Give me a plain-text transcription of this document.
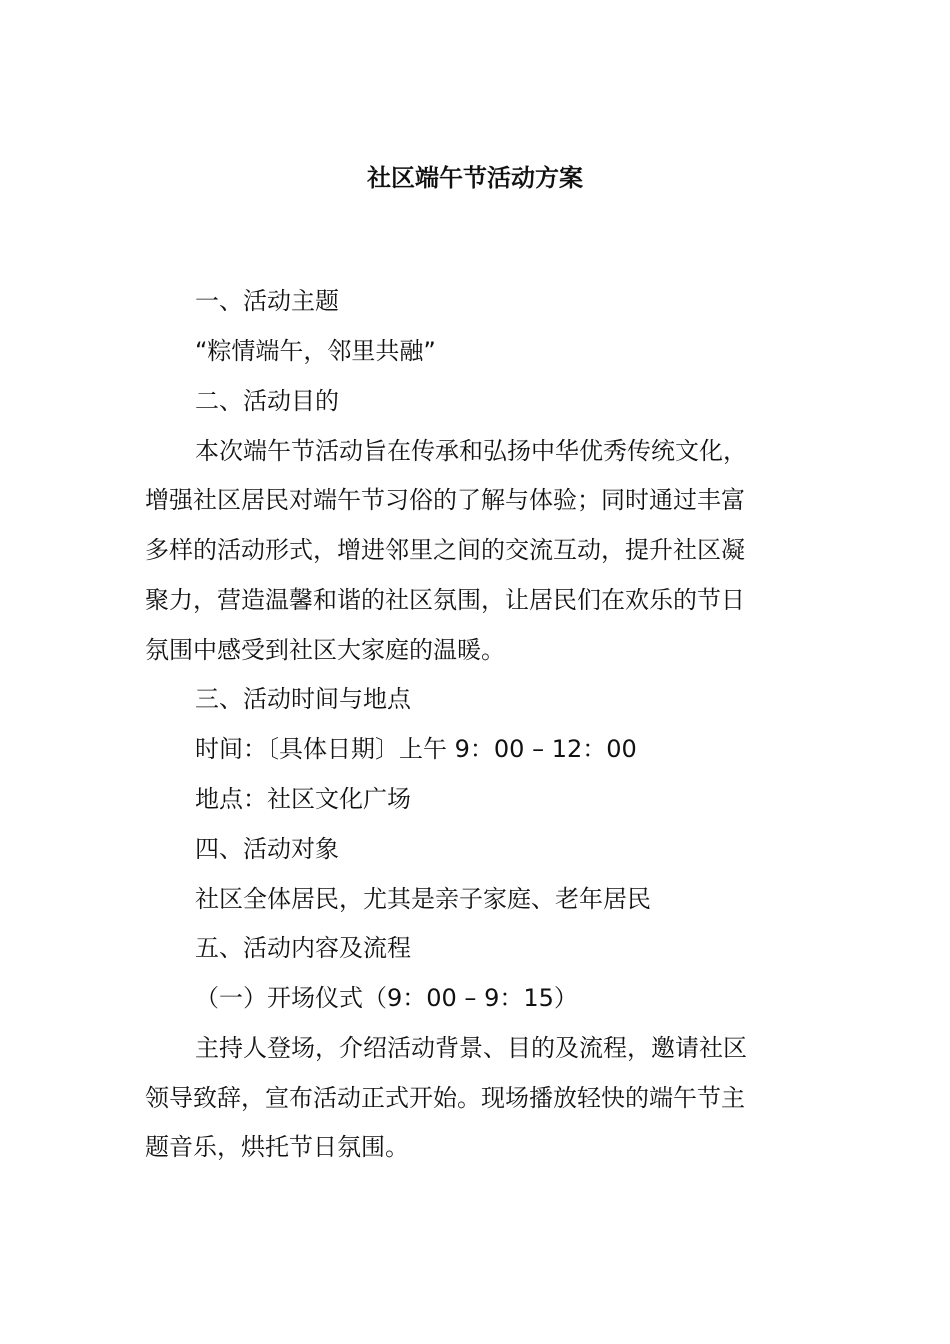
社区端午节活动方案
一、活动主题
“粽情端午，邻里共融”
二、活动目的
本次端午节活动旨在传承和弘扬中华优秀传统文化，
增强社区居民对端午节习俗的了解与体验；同时通过丰富
多样的活动形式，增进邻里之间的交流互动，提升社区凝
聚力，营造温馨和谐的社区氛围，让居民们在欢乐的节日
氛围中感受到社区大家庭的温暖。
三、活动时间与地点
时间：〔具体日期〕上午 9：00 – 12：00
地点：社区文化广场
四、活动对象
社区全体居民，尤其是亲子家庭、老年居民
五、活动内容及流程
（一）开场仪式（9：00 – 9：15）
主持人登场，介绍活动背景、目的及流程，邀请社区
领导致辞，宣布活动正式开始。现场播放轻快的端午节主
题音乐，烘托节日氛围。
